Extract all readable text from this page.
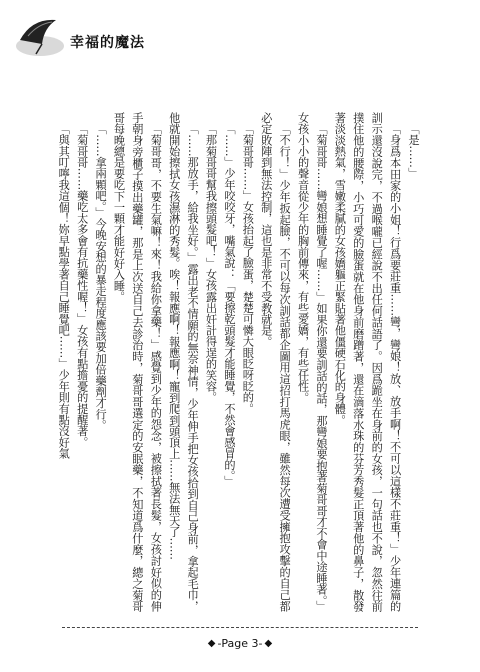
幸福的魔法

「是……」

「身爲本田家的小姐！行爲要莊重……彎，彎娘！放、放手啊！不可以這樣不莊重！」少年連篇的訓示還沒說完，不過喉嚨已經說不出任何話語了。因爲跪坐在身前的女孩，一句話也不說，忽然往前撲住他的腰際，小巧可愛的臉蛋就在他身前磨蹭著，還在滴落水珠的芬芳秀髮正頂著他的鼻子，散發著淡淡熱氣，雪嫩柔膩的女孩嬌軀正緊貼著他僵硬石化的身體。

「菊哥哥……彎娘想睡覺了喔……」如果你還要訓話的話，那彎娘要抱著菊哥哥才不會中途睡著。」女孩小小的聲音從少年的胸前傳來，有些愛嬌，有些任性。

「不行！」少年扳起臉，不可以每次訓話都企圖用這招打馬虎眼，雖然每次遭受擁抱攻擊的自己都必定敗陣到無法控制，這也是非常不受教就是。

「菊哥哥……」女孩抬起了臉蛋，楚楚可憐大眼眨呀眨的。

「……」少年咬咬牙，嘴氣說：「要擦乾頭髮才能睡覺，不然會感冒的。」

「那菊哥哥幫我擦頭髮吧！」女孩露出奸計得逞的笑容。

「……那放手，給我坐好。」露出老不情願的無奈神情，少年伸手把女孩拾到自己身前，拿起毛巾，他就開始擦拭女孩濕淋的秀髮。唉！報應啊！報應啊！寵到爬到頭頂上……無法無天了……

「菊哥哥，不要生氣嘛！來！我給你拿藥！」感覺到少年的怨念，被擦拭著長髮，女孩討好似的伸手朝身旁櫃子摸出藥罐，那是上次送自己去診治時，菊哥哥選定的安眠藥，不知道爲什麼，總之菊哥哥每晚總是要吃下一顆才能好好入睡。

「……拿兩顆吧。」今晚安想的暴走程度應該要加倍藥劑才行。

「菊哥哥……藥吃太多會有抗藥性喔！」女孩有點擔憂的提醒著。

「與其叮嚀我這個！妳早點學著自己睡覺吧……」少年則有點沒好氣

◆ -Page 3- ◆
